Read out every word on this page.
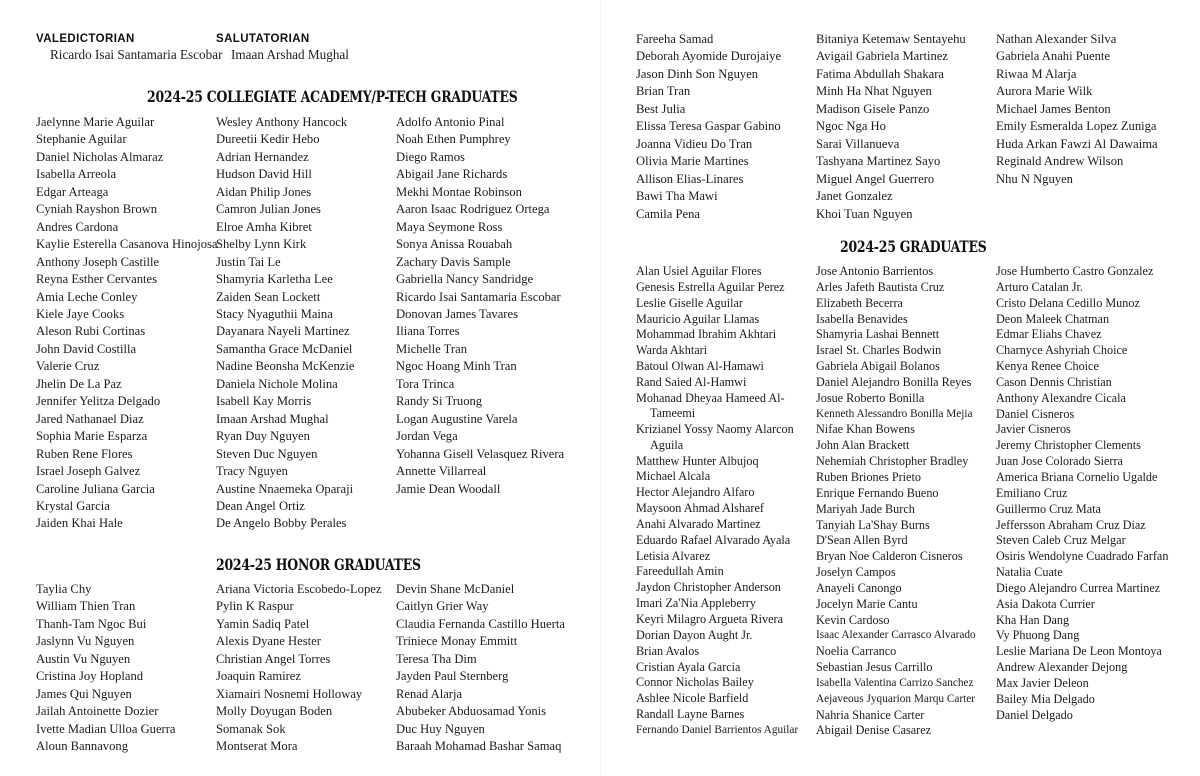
VALEDICTORIAN
Ricardo Isai Santamaria Escobar
SALUTATORIAN
Imaan Arshad Mughal
2024-25 COLLEGIATE ACADEMY/P-TECH GRADUATES
Jaelynne Marie Aguilar
Stephanie Aguilar
Daniel Nicholas Almaraz
Isabella Arreola
Edgar Arteaga
Cyniah Rayshon Brown
Andres Cardona
Kaylie Esterella Casanova Hinojosa
Anthony Joseph Castille
Reyna Esther Cervantes
Amia Leche Conley
Kiele Jaye Cooks
Aleson Rubi Cortinas
John David Costilla
Valerie Cruz
Jhelin De La Paz
Jennifer Yelitza Delgado
Jared Nathanael Diaz
Sophia Marie Esparza
Ruben Rene Flores
Israel Joseph Galvez
Caroline Juliana Garcia
Krystal Garcia
Jaiden Khai Hale
Wesley Anthony Hancock
Dureetii Kedir Hebo
Adrian Hernandez
Hudson David Hill
Aidan Philip Jones
Camron Julian Jones
Elroe Amha Kibret
Shelby Lynn Kirk
Justin Tai Le
Shamyria Karletha Lee
Zaiden Sean Lockett
Stacy Nyaguthii Maina
Dayanara Nayeli Martinez
Samantha Grace McDaniel
Nadine Beonsha McKenzie
Daniela Nichole Molina
Isabell Kay Morris
Imaan Arshad Mughal
Ryan Duy Nguyen
Steven Duc Nguyen
Tracy Nguyen
Austine Nnaemeka Oparaji
Dean Angel Ortiz
De Angelo Bobby Perales
Adolfo Antonio Pinal
Noah Ethen Pumphrey
Diego Ramos
Abigail Jane Richards
Mekhi Montae Robinson
Aaron Isaac Rodriguez Ortega
Maya Seymone Ross
Sonya Anissa Rouabah
Zachary Davis Sample
Gabriella Nancy Sandridge
Ricardo Isai Santamaria Escobar
Donovan James Tavares
Iliana Torres
Michelle Tran
Ngoc Hoang Minh Tran
Tora Trinca
Randy Si Truong
Logan Augustine Varela
Jordan Vega
Yohanna Gisell Velasquez Rivera
Annette Villarreal
Jamie Dean Woodall
2024-25 HONOR GRADUATES
Taylia Chy
William Thien Tran
Thanh-Tam Ngoc Bui
Jaslynn Vu Nguyen
Austin Vu Nguyen
Cristina Joy Hopland
James Qui Nguyen
Jailah Antoinette Dozier
Ivette Madian Ulloa Guerra
Aloun Bannavong
Ariana Victoria Escobedo-Lopez
Pylin K Raspur
Yamin Sadiq Patel
Alexis Dyane Hester
Christian Angel Torres
Joaquin Ramirez
Xiamairi Nosnemi Holloway
Molly Doyugan Boden
Somanak Sok
Montserat Mora
Devin Shane McDaniel
Caitlyn Grier Way
Claudia Fernanda Castillo Huerta
Triniece Monay Emmitt
Teresa Tha Dim
Jayden Paul Sternberg
Renad Alarja
Abubeker Abduosamad Yonis
Duc Huy Nguyen
Baraah Mohamad Bashar Samaq
Fareeha Samad
Deborah Ayomide Durojaiye
Jason Dinh Son Nguyen
Brian Tran
Best Julia
Elissa Teresa Gaspar Gabino
Joanna Vidieu Do Tran
Olivia Marie Martines
Allison Elias-Linares
Bawi Tha Mawi
Camila Pena
Bitaniya Ketemaw Sentayehu
Avigail Gabriela Martinez
Fatima Abdullah Shakara
Minh Ha Nhat Nguyen
Madison Gisele Panzo
Ngoc Nga Ho
Sarai Villanueva
Tashyana Martinez Sayo
Miguel Angel Guerrero
Janet Gonzalez
Khoi Tuan Nguyen
Nathan Alexander Silva
Gabriela Anahi Puente
Riwaa M Alarja
Aurora Marie Wilk
Michael James Benton
Emily Esmeralda Lopez Zuniga
Huda Arkan Fawzi Al Dawaima
Reginald Andrew Wilson
Nhu N Nguyen
2024-25 GRADUATES
Alan Usiel Aguilar Flores
Genesis Estrella Aguilar Perez
Leslie Giselle Aguilar
Mauricio Aguilar Llamas
Mohammad Ibrahim Akhtari
Warda Akhtari
Batoul Olwan Al-Hamawi
Rand Saied Al-Hamwi
Mohanad Dheyaa Hameed Al-Tameemi
Krizianel Yossy Naomy Alarcon Aguila
Matthew Hunter Albujoq
Michael Alcala
Hector Alejandro Alfaro
Maysoon Ahmad Alsharef
Anahi Alvarado Martinez
Eduardo Rafael Alvarado Ayala
Letisia Alvarez
Fareedullah Amin
Jaydon Christopher Anderson
Imari Za'Nia Appleberry
Keyri Milagro Argueta Rivera
Dorian Dayon Aught Jr.
Brian Avalos
Cristian Ayala Garcia
Connor Nicholas Bailey
Ashlee Nicole Barfield
Randall Layne Barnes
Fernando Daniel Barrientos Aguilar
Jose Antonio Barrientos
Arles Jafeth Bautista Cruz
Elizabeth Becerra
Isabella Benavides
Shamyria Lashai Bennett
Israel St. Charles Bodwin
Gabriela Abigail Bolanos
Daniel Alejandro Bonilla Reyes
Josue Roberto Bonilla
Kenneth Alessandro Bonilla Mejia
Nifae Khan Bowens
John Alan Brackett
Nehemiah Christopher Bradley
Ruben Briones Prieto
Enrique Fernando Bueno
Mariyah Jade Burch
Tanyiah La'Shay Burns
D'Sean Allen Byrd
Bryan Noe Calderon Cisneros
Joselyn Campos
Anayeli Canongo
Jocelyn Marie Cantu
Kevin Cardoso
Isaac Alexander Carrasco Alvarado
Noelia Carranco
Sebastian Jesus Carrillo
Isabella Valentina Carrizo Sanchez
Aejaveous Jyquarion Marqu Carter
Nahria Shanice Carter
Abigail Denise Casarez
Jose Humberto Castro Gonzalez
Arturo Catalan Jr.
Cristo Delana Cedillo Munoz
Deon Maleek Chatman
Edmar Eliahs Chavez
Charnyce Ashyriah Choice
Kenya Renee Choice
Cason Dennis Christian
Anthony Alexandre Cicala
Daniel Cisneros
Javier Cisneros
Jeremy Christopher Clements
Juan Jose Colorado Sierra
America Briana Cornelio Ugalde
Emiliano Cruz
Guillermo Cruz Mata
Jeffersson Abraham Cruz Diaz
Steven Caleb Cruz Melgar
Osiris Wendolyne Cuadrado Farfan
Natalia Cuate
Diego Alejandro Currea Martinez
Asia Dakota Currier
Kha Han Dang
Vy Phuong Dang
Leslie Mariana De Leon Montoya
Andrew Alexander Dejong
Max Javier Deleon
Bailey Mia Delgado
Daniel Delgado
